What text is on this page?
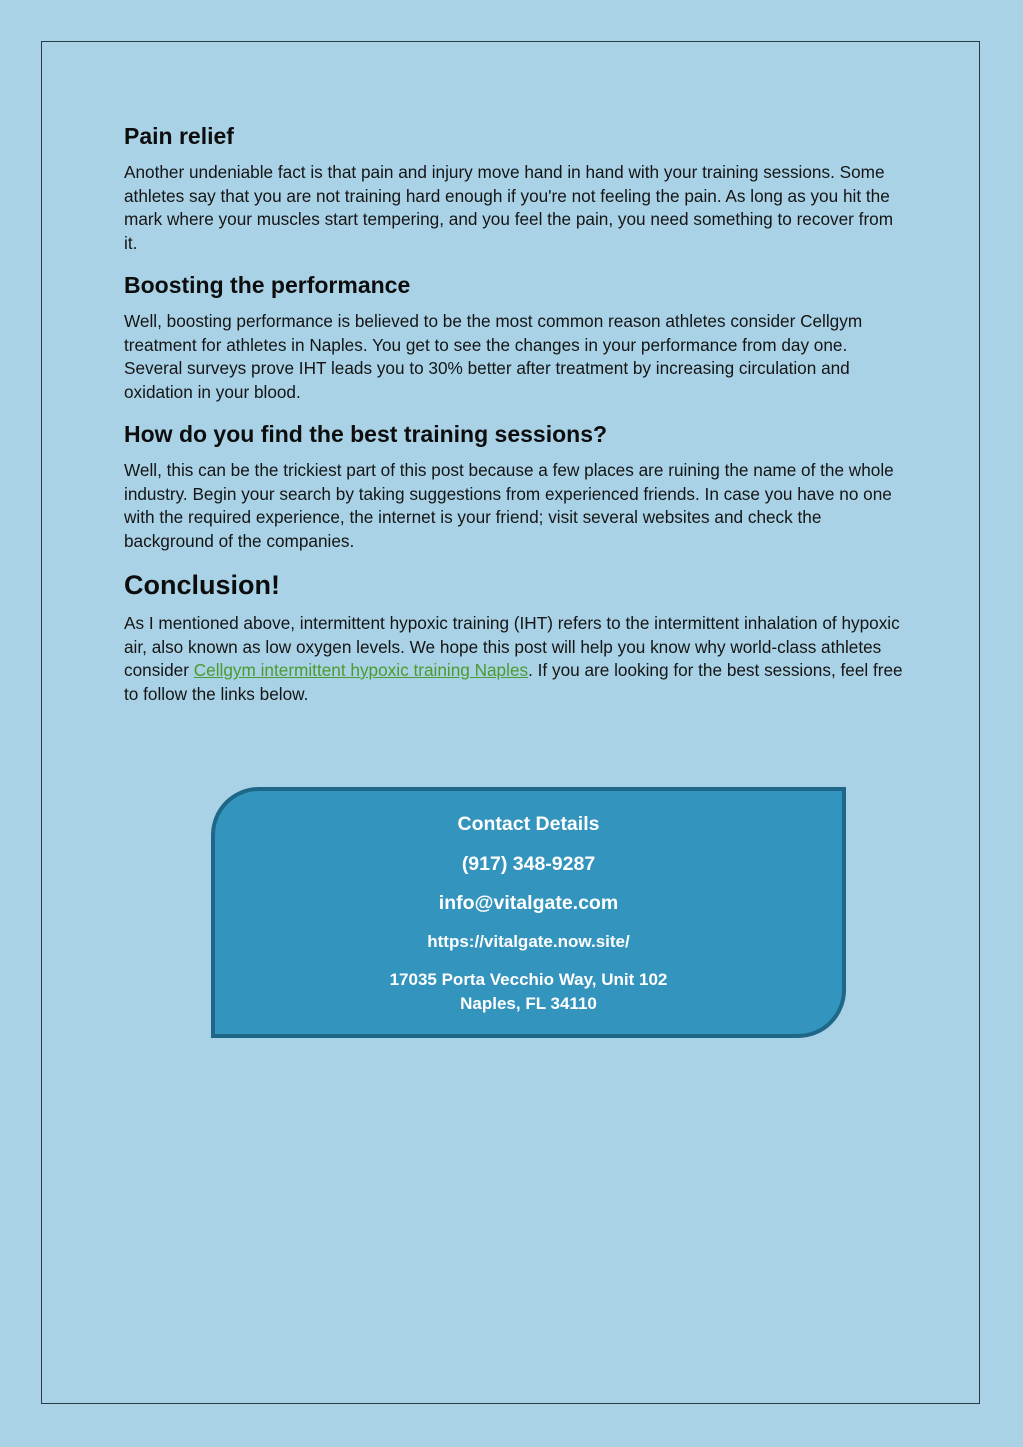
Pain relief

Another undeniable fact is that pain and injury move hand in hand with your training sessions. Some athletes say that you are not training hard enough if you're not feeling the pain. As long as you hit the mark where your muscles start tempering, and you feel the pain, you need something to recover from it.

Boosting the performance

Well, boosting performance is believed to be the most common reason athletes consider Cellgym treatment for athletes in Naples. You get to see the changes in your performance from day one. Several surveys prove IHT leads you to 30% better after treatment by increasing circulation and oxidation in your blood.

How do you find the best training sessions?

Well, this can be the trickiest part of this post because a few places are ruining the name of the whole industry. Begin your search by taking suggestions from experienced friends. In case you have no one with the required experience, the internet is your friend; visit several websites and check the background of the companies.

Conclusion!

As I mentioned above, intermittent hypoxic training (IHT) refers to the intermittent inhalation of hypoxic air, also known as low oxygen levels. We hope this post will help you know why world-class athletes consider Cellgym intermittent hypoxic training Naples. If you are looking for the best sessions, feel free to follow the links below.

Contact Details
(917) 348-9287
info@vitalgate.com
https://vitalgate.now.site/
17035 Porta Vecchio Way, Unit 102
Naples, FL 34110
